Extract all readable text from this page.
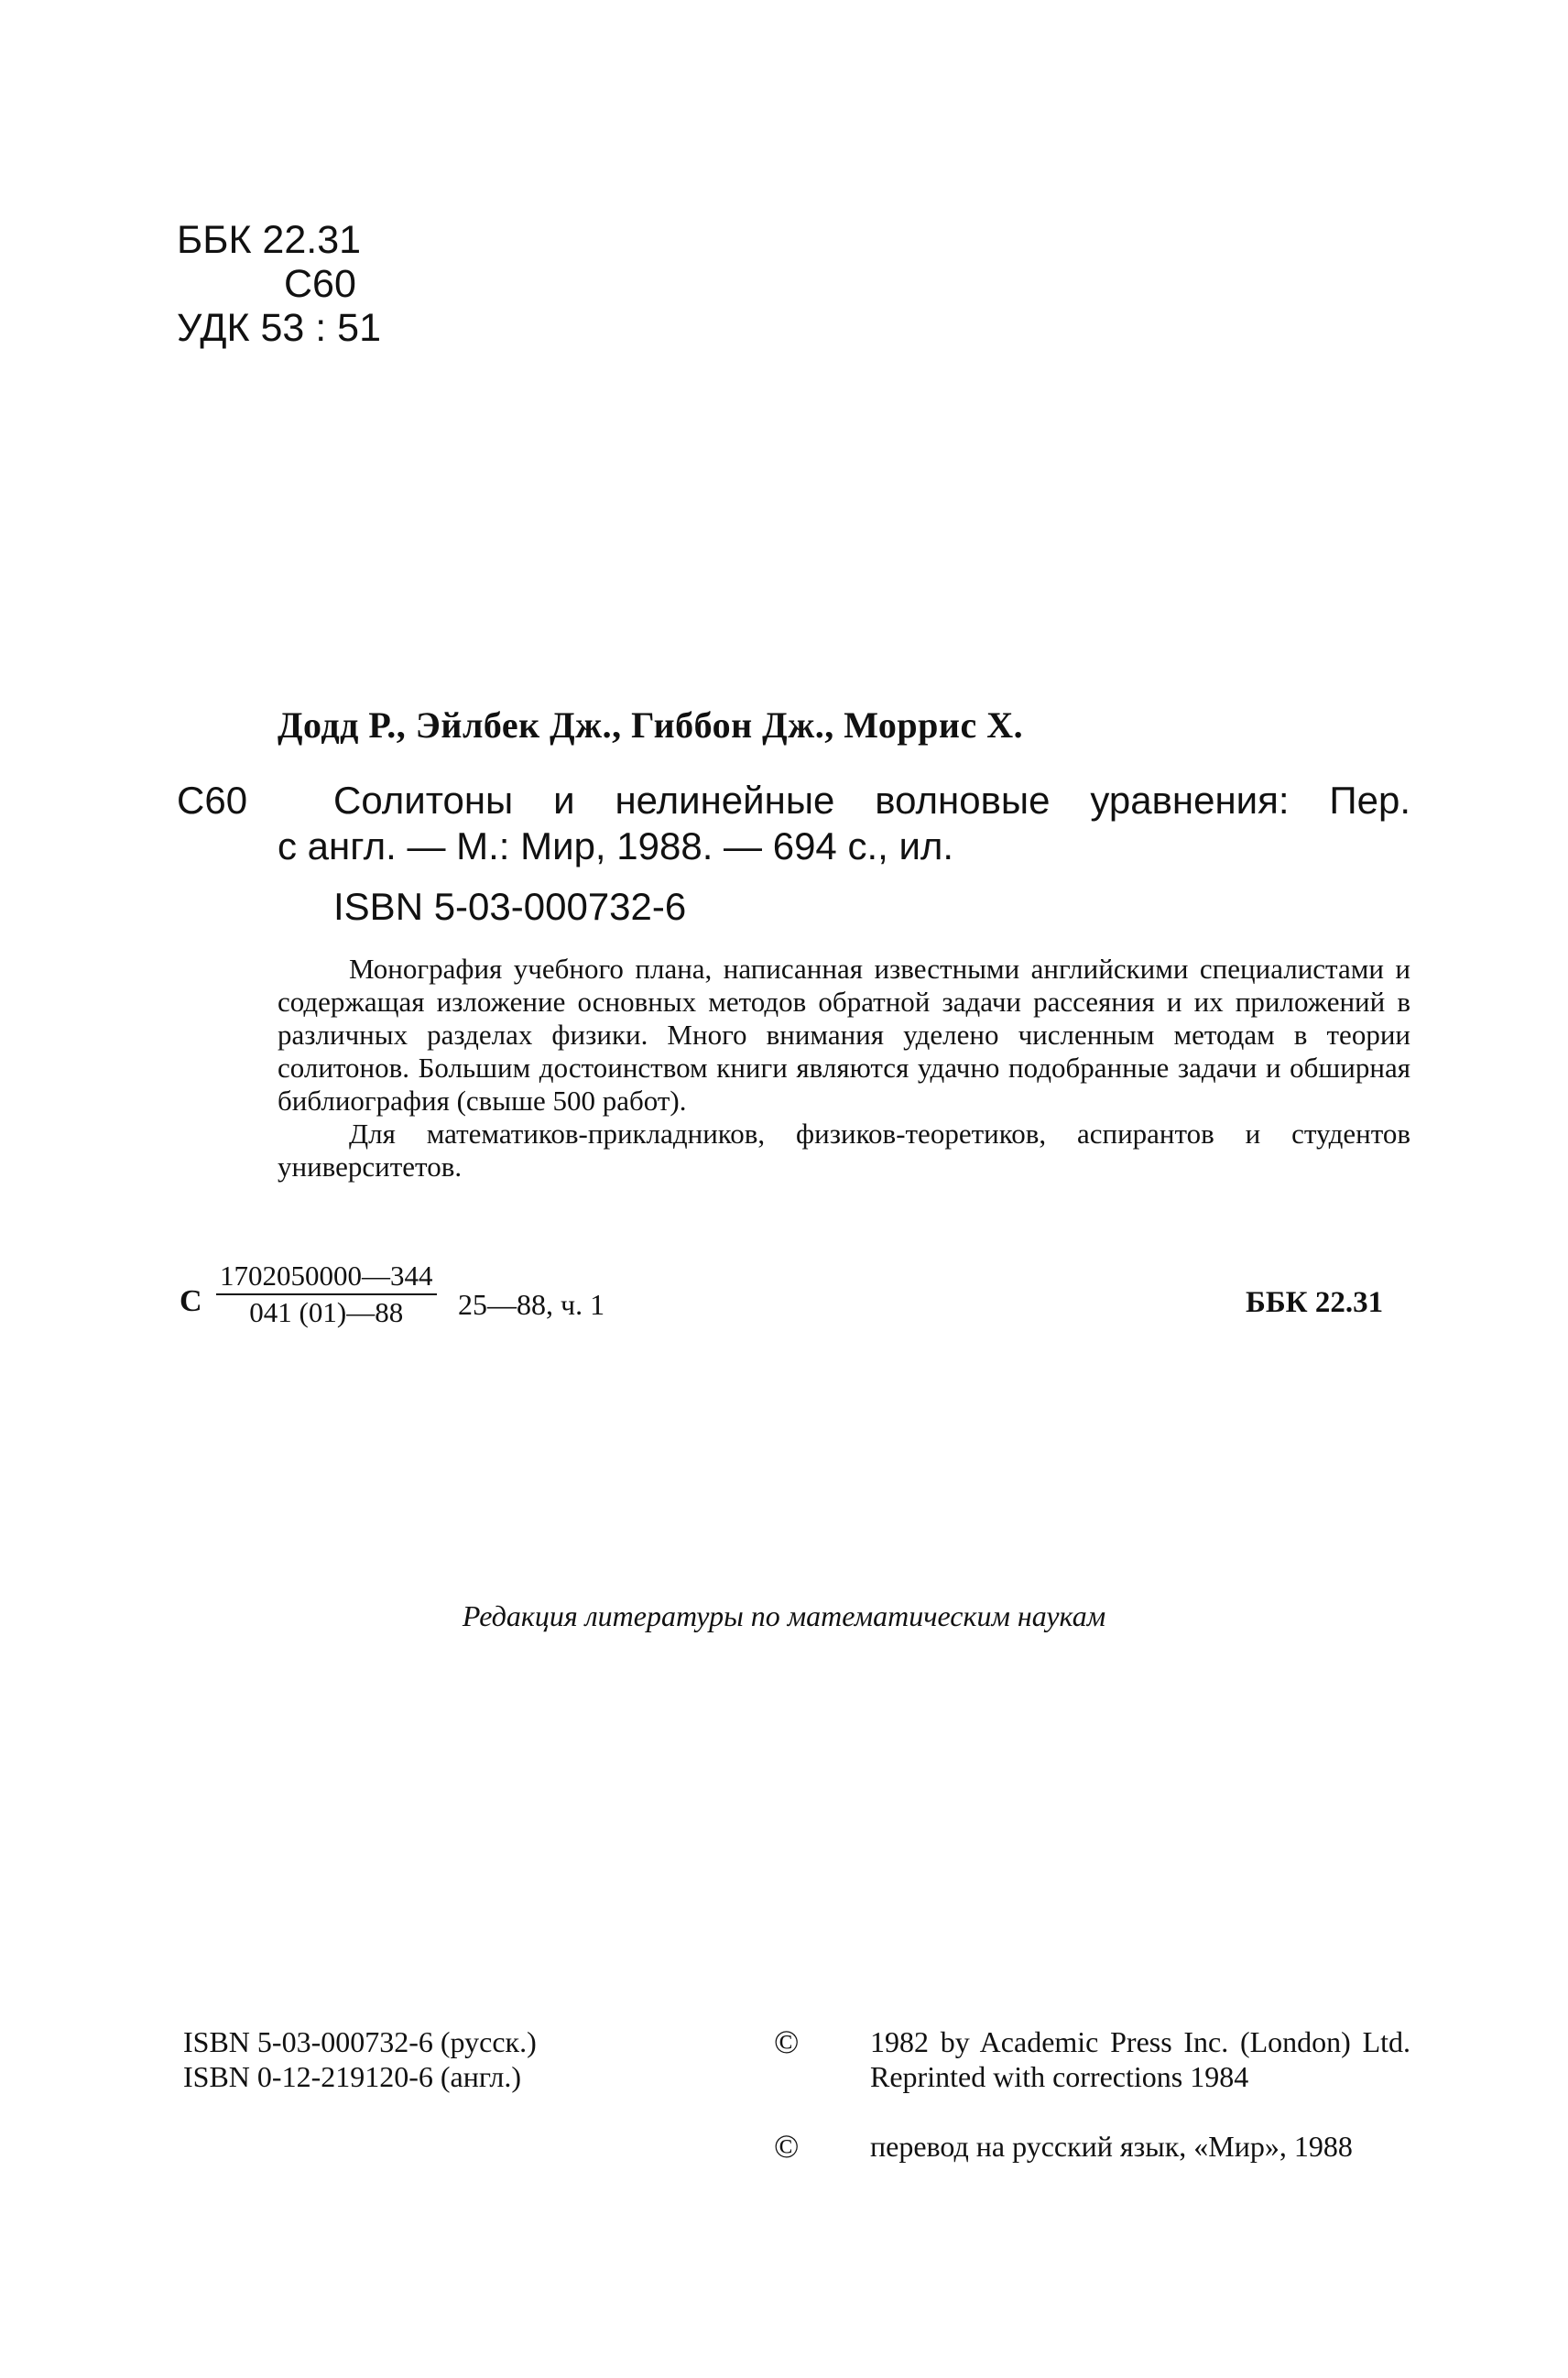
ББК 22.31
С60
УДК 53 : 51
Додд Р., Эйлбек Дж., Гиббон Дж., Моррис Х.
С60 Солитоны и нелинейные волновые уравнения: Пер.
с англ. — М.: Мир, 1988. — 694 с., ил.
ISBN 5-03-000732-6

Монография учебного плана, написанная известными английскими специалистами и содержащая изложение основных методов обратной задачи рассеяния и их приложений в различных разделах физики. Много внимания уделено численным методам в теории солитонов. Большим достоинством книги являются удачно подобранные задачи и обширная библиография (свыше 500 работ).

Для математиков-прикладников, физиков-теоретиков, аспирантов и студентов университетов.

С $\frac{1702050000—344}{041 (01)—88}$ 25—88, ч. 1	ББК 22.31
Редакция литературы по математическим наукам
ISBN 5-03-000732-6 (русск.)
ISBN 0-12-219120-6 (англ.)
© 1982 by Academic Press Inc. (London) Ltd. Reprinted with corrections 1984
© перевод на русский язык, «Мир», 1988
